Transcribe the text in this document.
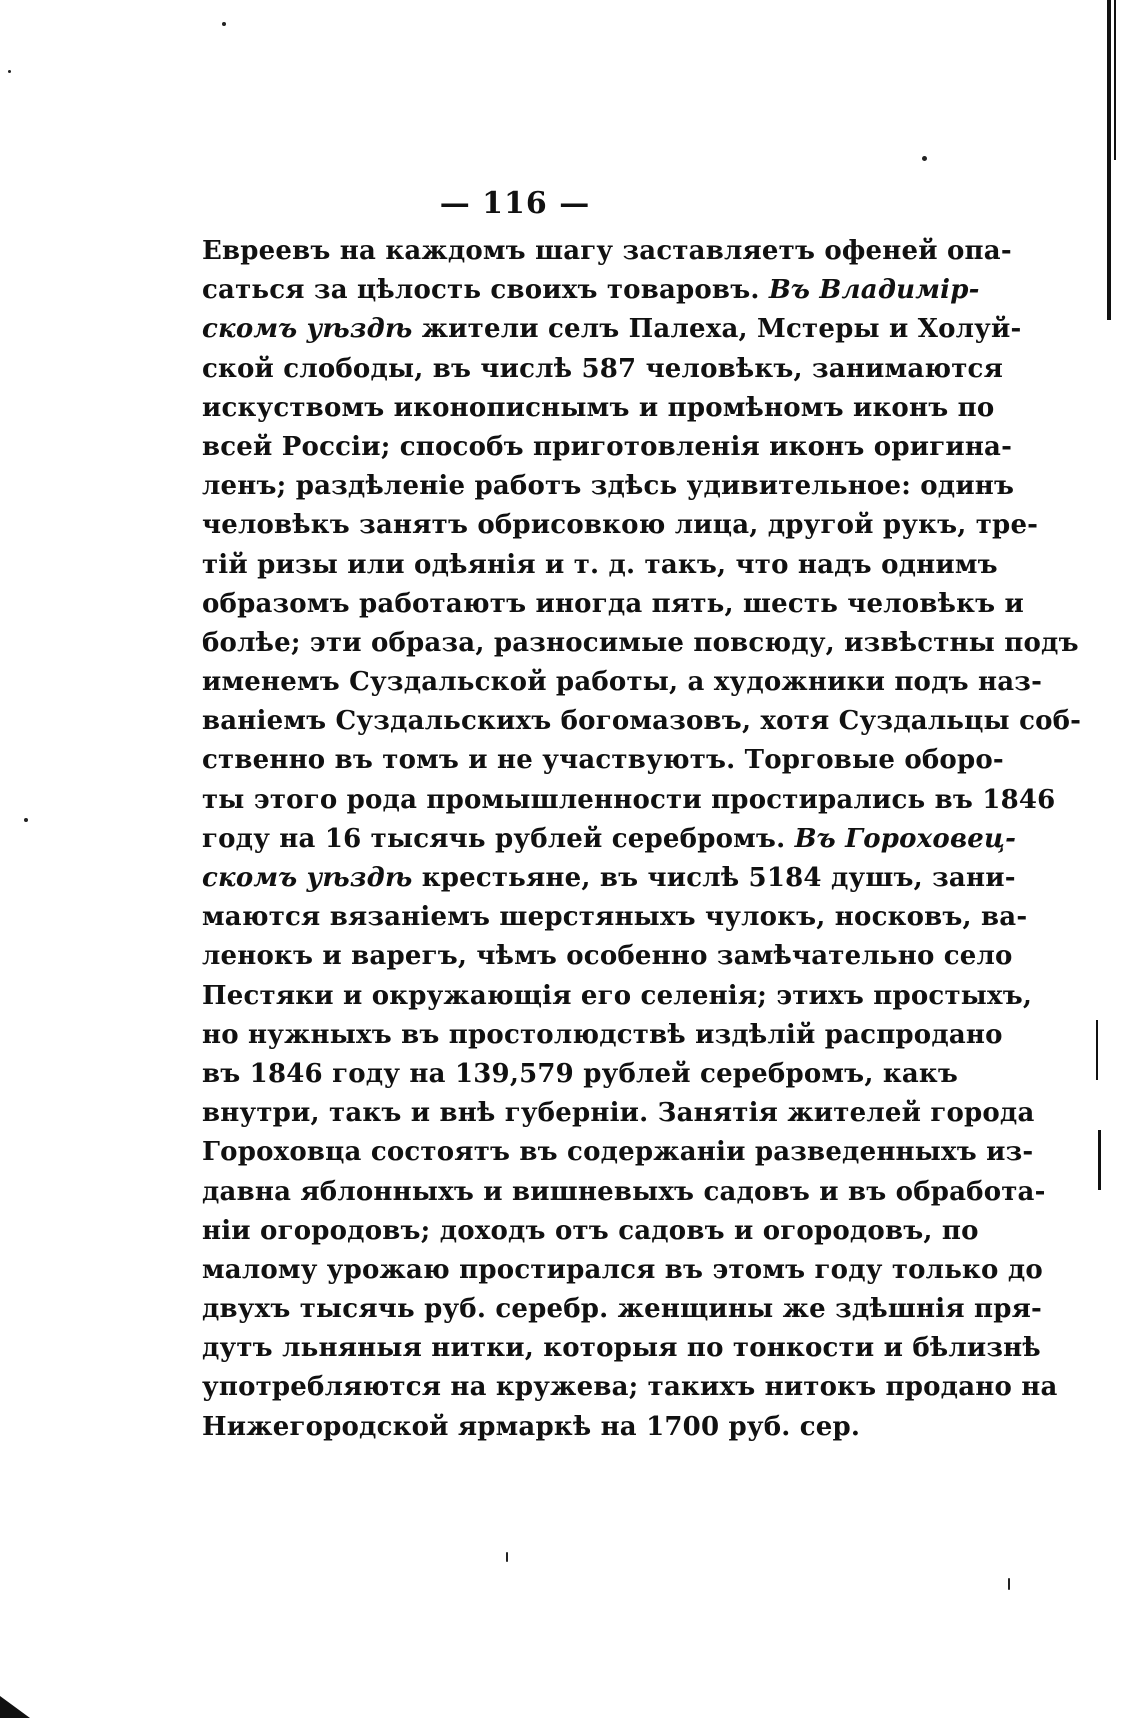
— 116 —
Евреевъ на каждомъ шагу заставляетъ офеней опа-
саться за цѣлость своихъ товаровъ. Въ Владимiр-
скомъ уѣздѣ жители селъ Палеха, Мстеры и Холуй-
ской слободы, въ числѣ 587 человѣкъ, занимаются
искуствомъ иконописнымъ и промѣномъ иконъ по
всей Россiи; способъ приготовленiя иконъ оригина-
ленъ; раздѣленiе работъ здѣсь удивительное: одинъ
человѣкъ занятъ обрисовкою лица, другой рукъ, тре-
тiй ризы или одѣянiя и т. д. такъ, что надъ однимъ
образомъ работаютъ иногда пять, шесть человѣкъ и
болѣе; эти образа, разносимые повсюду, извѣстны подъ
именемъ Суздальской работы, а художники подъ наз-
ванiемъ Суздальскихъ богомазовъ, хотя Суздальцы соб-
ственно въ томъ и не участвуютъ. Торговые оборо-
ты этого рода промышленности простирались въ 1846
году на 16 тысячь рублей серебромъ. Въ Гороховец-
скомъ уѣздѣ крестьяне, въ числѣ 5184 душъ, зани-
маются вязанiемъ шерстяныхъ чулокъ, носковъ, ва-
ленокъ и варегъ, чѣмъ особенно замѣчательно село
Пестяки и окружающiя его селенiя; этихъ простыхъ,
но нужныхъ въ простолюдствѣ издѣлiй распродано
въ 1846 году на 139,579 рублей серебромъ, какъ
внутри, такъ и внѣ губернiи. Занятiя жителей города
Гороховца состоятъ въ содержанiи разведенныхъ из-
давна яблонныхъ и вишневыхъ садовъ и въ обработа-
нiи огородовъ; доходъ отъ садовъ и огородовъ, по
малому урожаю простирался въ этомъ году только до
двухъ тысячь руб. серебр. женщины же здѣшнiя пря-
дутъ льняныя нитки, которыя по тонкости и бѣлизнѣ
употребляются на кружева; такихъ нитокъ продано на
Нижегородской ярмаркѣ на 1700 руб. сер.
